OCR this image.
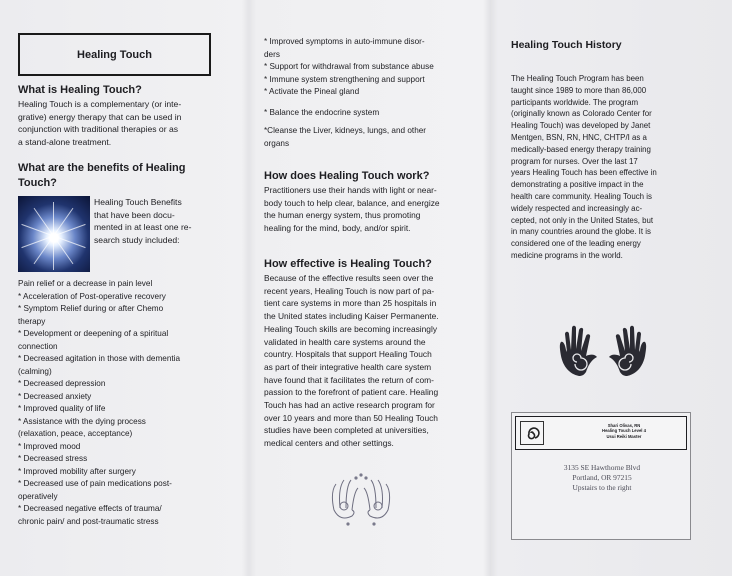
Healing Touch
What is Healing Touch?
Healing Touch is a complementary (or inte-
grative) energy therapy that can be used in
conjunction with traditional therapies or as
a stand-alone treatment.
What are the benefits of Healing
Touch?
Healing Touch Benefits
that have been docu-
mented in at least one re-
search study included:
Pain relief or a decrease in pain level
* Acceleration of Post-operative recovery
* Symptom Relief during or after Chemo
therapy
* Development or deepening of a spiritual
connection
* Decreased agitation in those with dementia
(calming)
* Decreased depression
* Decreased anxiety
* Improved quality of life
* Assistance with the dying process
(relaxation, peace, acceptance)
* Improved mood
* Decreased stress
* Improved mobility after surgery
* Decreased use of pain medications post-
operatively
* Decreased negative effects of trauma/
chronic pain/ and post-traumatic stress
* Improved symptoms in auto-immune disor-
ders
* Support for withdrawal from substance abuse
* Immune system strengthening and support
* Activate the Pineal gland
* Balance the endocrine system
*Cleanse the Liver, kidneys, lungs, and other
organs
How does Healing Touch work?
Practitioners use their hands with light or near-
body touch to help clear, balance, and energize
the human energy system, thus promoting
healing for the mind, body, and/or spirit.
How effective is Healing Touch?
Because of the effective results seen over the
recent years, Healing Touch is now part of pa-
tient care systems in more than 25 hospitals in
the United states including Kaiser Permanente.
Healing Touch skills are becoming increasingly
validated in health care systems around the
country. Hospitals that support Healing Touch
as part of their integrative health care system
have found that it facilitates the return of com-
passion to the forefront of patient care. Healing
Touch has had an active research program for
over 10 years and more than 50 Healing Touch
studies have been completed at universities,
medical centers and other settings.
Healing Touch History
The Healing Touch Program has been
taught since 1989 to more than 86,000
participants worldwide. The program
(originally known as Colorado Center for
Healing Touch) was developed by Janet
Mentgen, BSN, RN, HNC, CHTP/I as a
medically-based energy therapy training
program for nurses. Over the last 17
years Healing Touch has been effective in
demonstrating a positive impact in the
health care community. Healing Touch is
widely respected and increasingly ac-
cepted, not only in the United States, but
in many countries around the globe. It is
considered one of the leading energy
medicine programs in the world.
Shari Olivas, RN
Healing Touch Level 4
Usui Reiki Master
3135 SE Hawthorne Blvd
Portland, OR 97215
Upstairs to the right
